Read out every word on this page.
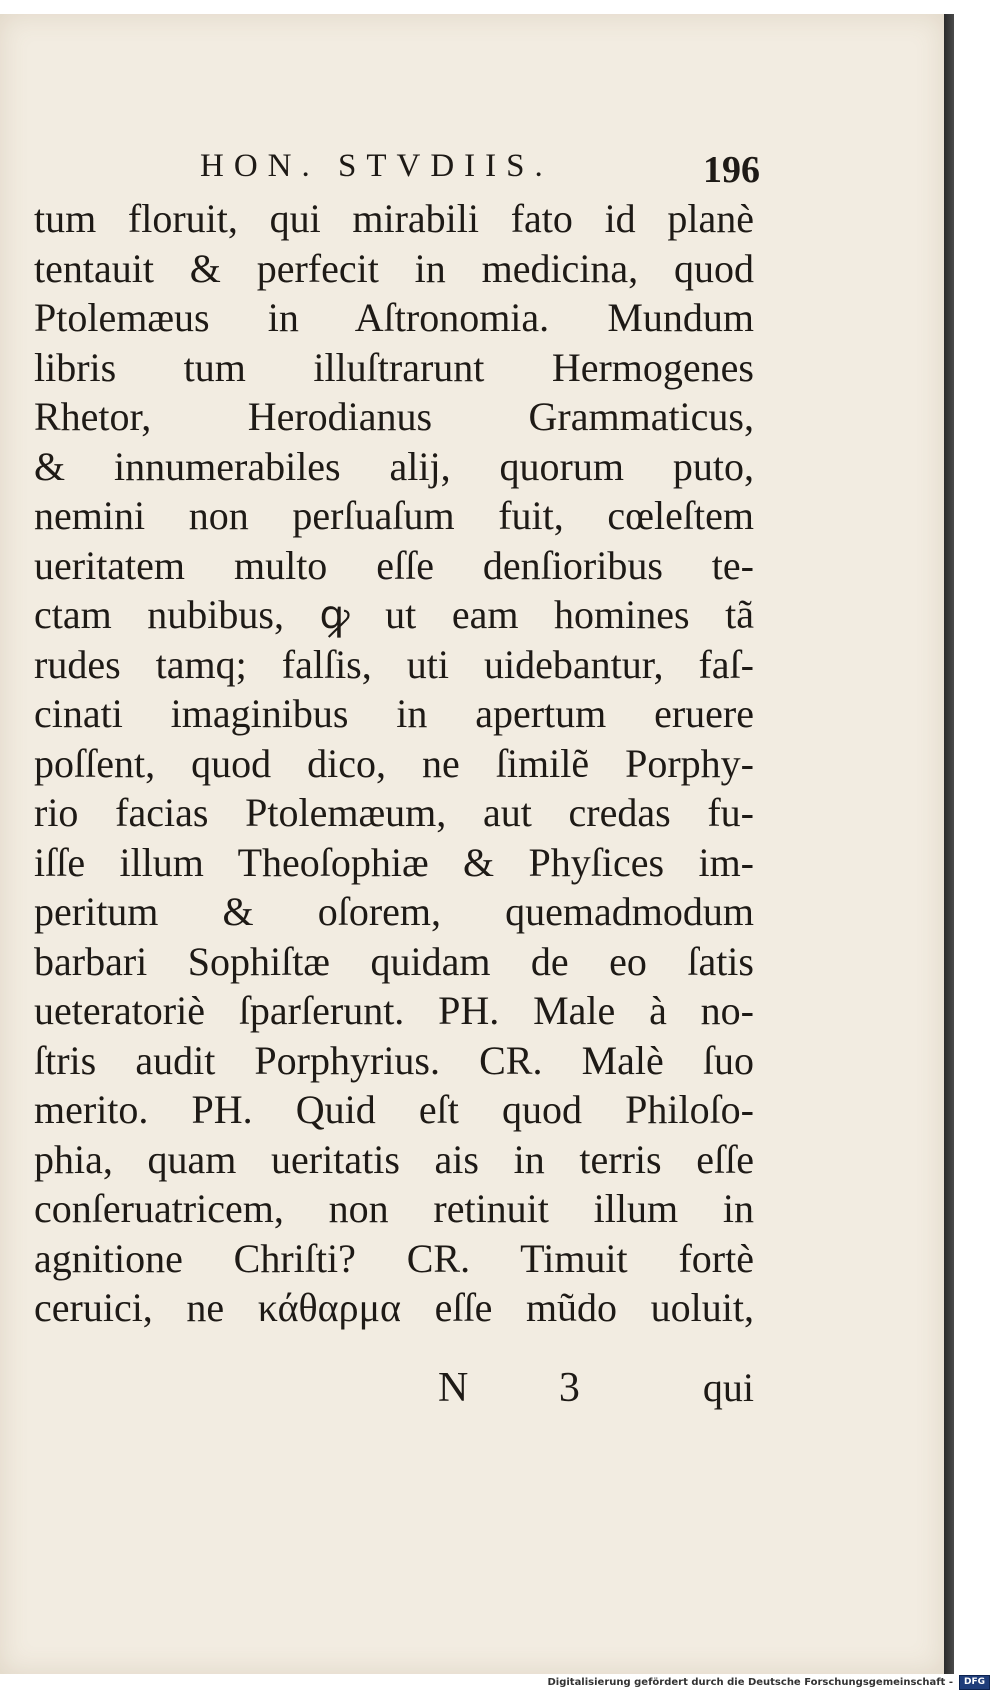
HON. STVDIIS.	196
tum floruit, qui mirabili fato id planè
tentauit & perfecit in medicina, quod
Ptolemæus in Aſtronomia. Mundum
libris tum illuſtrarunt Hermogenes
Rhetor, Herodianus Grammaticus,
& innumerabiles alij, quorum puto,
nemini non perſuaſum fuit, cœleſtem
ueritatem multo eſſe denſioribus te-
ctam nubibus, ꝙ ut eam homines tã
rudes tamq; falſis, uti uidebantur, faſ-
cinati imaginibus in apertum eruere
poſſent, quod dico, ne ſimilẽ Porphy-
rio facias Ptolemæum, aut credas fu-
iſſe illum Theoſophiæ & Phyſices im-
peritum & oſorem, quemadmodum
barbari Sophiſtæ quidam de eo ſatis
ueteratoriè ſparſerunt. PH. Male à no-
ſtris audit Porphyrius. CR. Malè ſuo
merito. PH. Quid eſt quod Philoſo-
phia, quam ueritatis ais in terris eſſe
conſeruatricem, non retinuit illum in
agnitione Chriſti? CR. Timuit fortè
ceruici, ne κάθαρμα eſſe mũdo uoluit,
N 3 qui
Digitalisierung gefördert durch die Deutsche Forschungsgemeinschaft -	DFG
